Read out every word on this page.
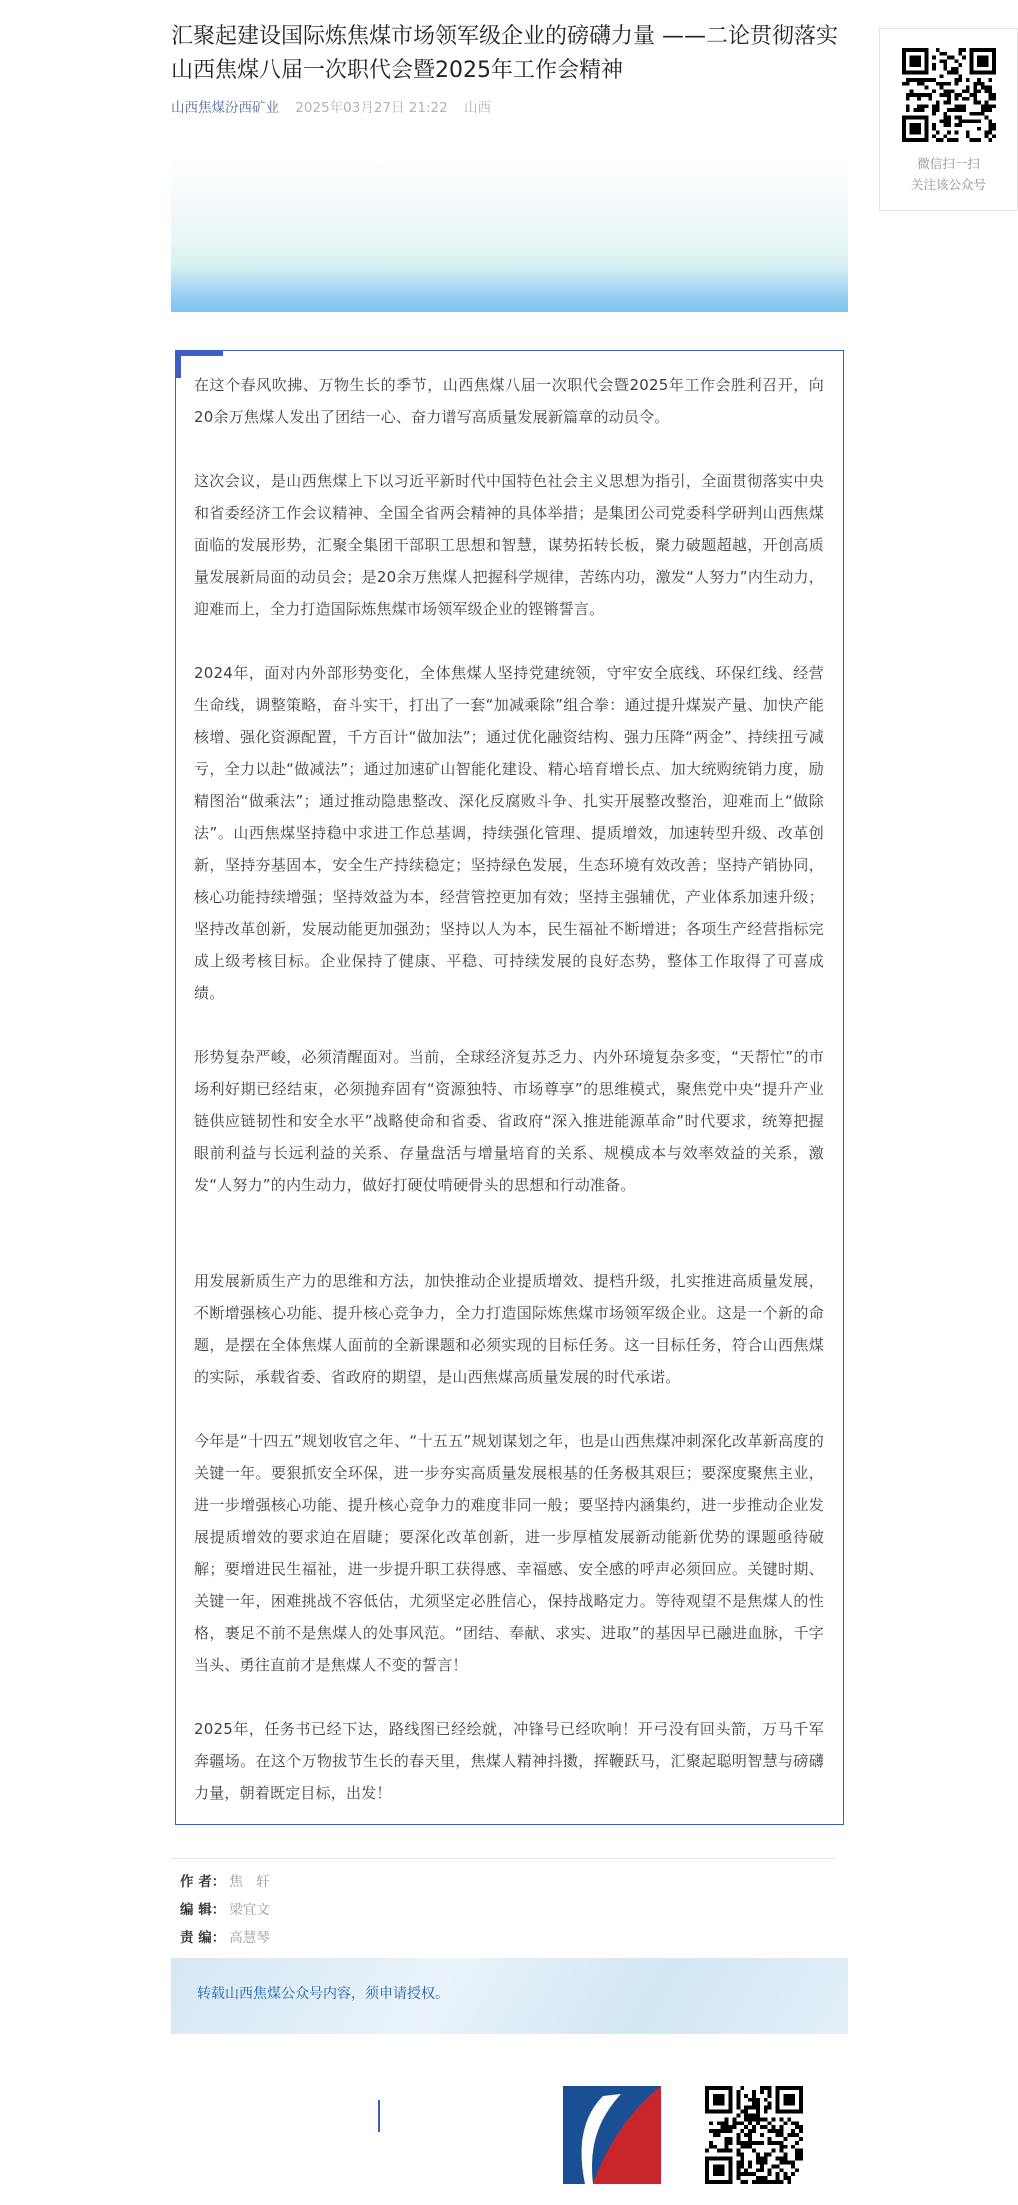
汇聚起建设国际炼焦煤市场领军级企业的磅礴力量 ——二论贯彻落实山西焦煤八届一次职代会暨2025年工作会精神
山西焦煤汾西矿业 2025年03月27日 21:22 山西

在这个春风吹拂、万物生长的季节，山西焦煤八届一次职代会暨2025年工作会胜利召开，向20余万焦煤人发出了团结一心、奋力谱写高质量发展新篇章的动员令。

这次会议，是山西焦煤上下以习近平新时代中国特色社会主义思想为指引，全面贯彻落实中央和省委经济工作会议精神、全国全省两会精神的具体举措；是集团公司党委科学研判山西焦煤面临的发展形势，汇聚全集团干部职工思想和智慧，谋势拓转长板，聚力破题超越，开创高质量发展新局面的动员会；是20余万焦煤人把握科学规律，苦练内功，激发“人努力”内生动力，迎难而上，全力打造国际炼焦煤市场领军级企业的铿锵誓言。

2024年，面对内外部形势变化，全体焦煤人坚持党建统领，守牢安全底线、环保红线、经营生命线，调整策略，奋斗实干，打出了一套“加减乘除”组合拳：通过提升煤炭产量、加快产能核增、强化资源配置，千方百计“做加法”；通过优化融资结构、强力压降“两金”、持续扭亏减亏，全力以赴“做减法”；通过加速矿山智能化建设、精心培育增长点、加大统购统销力度，励精图治“做乘法”；通过推动隐患整改、深化反腐败斗争、扎实开展整改整治，迎难而上“做除法”。山西焦煤坚持稳中求进工作总基调，持续强化管理、提质增效，加速转型升级、改革创新，坚持夯基固本，安全生产持续稳定；坚持绿色发展，生态环境有效改善；坚持产销协同，核心功能持续增强；坚持效益为本，经营管控更加有效；坚持主强辅优，产业体系加速升级；坚持改革创新，发展动能更加强劲；坚持以人为本，民生福祉不断增进；各项生产经营指标完成上级考核目标。企业保持了健康、平稳、可持续发展的良好态势，整体工作取得了可喜成绩。

形势复杂严峻，必须清醒面对。当前，全球经济复苏乏力、内外环境复杂多变，“天帮忙”的市场利好期已经结束，必须抛弃固有“资源独特、市场尊享”的思维模式，聚焦党中央“提升产业链供应链韧性和安全水平”战略使命和省委、省政府“深入推进能源革命”时代要求，统筹把握眼前利益与长远利益的关系、存量盘活与增量培育的关系、规模成本与效率效益的关系，激发“人努力”的内生动力，做好打硬仗啃硬骨头的思想和行动准备。

用发展新质生产力的思维和方法，加快推动企业提质增效、提档升级，扎实推进高质量发展，不断增强核心功能、提升核心竞争力，全力打造国际炼焦煤市场领军级企业。这是一个新的命题，是摆在全体焦煤人面前的全新课题和必须实现的目标任务。这一目标任务，符合山西焦煤的实际，承载省委、省政府的期望，是山西焦煤高质量发展的时代承诺。

今年是“十四五”规划收官之年、“十五五”规划谋划之年，也是山西焦煤冲刺深化改革新高度的关键一年。要狠抓安全环保，进一步夯实高质量发展根基的任务极其艰巨；要深度聚焦主业，进一步增强核心功能、提升核心竞争力的难度非同一般；要坚持内涵集约，进一步推动企业发展提质增效的要求迫在眉睫；要深化改革创新，进一步厚植发展新动能新优势的课题亟待破解；要增进民生福祉，进一步提升职工获得感、幸福感、安全感的呼声必须回应。关键时期、关键一年，困难挑战不容低估，尤须坚定必胜信心，保持战略定力。等待观望不是焦煤人的性格，裹足不前不是焦煤人的处事风范。“团结、奉献、求实、进取”的基因早已融进血脉，千字当头、勇往直前才是焦煤人不变的誓言！

2025年，任务书已经下达，路线图已经绘就，冲锋号已经吹响！开弓没有回头箭，万马千军奔疆场。在这个万物拔节生长的春天里，焦煤人精神抖擞，挥鞭跃马，汇聚起聪明智慧与磅礴力量，朝着既定目标，出发！

作 者： 焦　轩
编 辑： 梁宜文
责 编： 高慧琴
转载山西焦煤公众号内容，须申请授权。
微信扫一扫
关注该公众号
